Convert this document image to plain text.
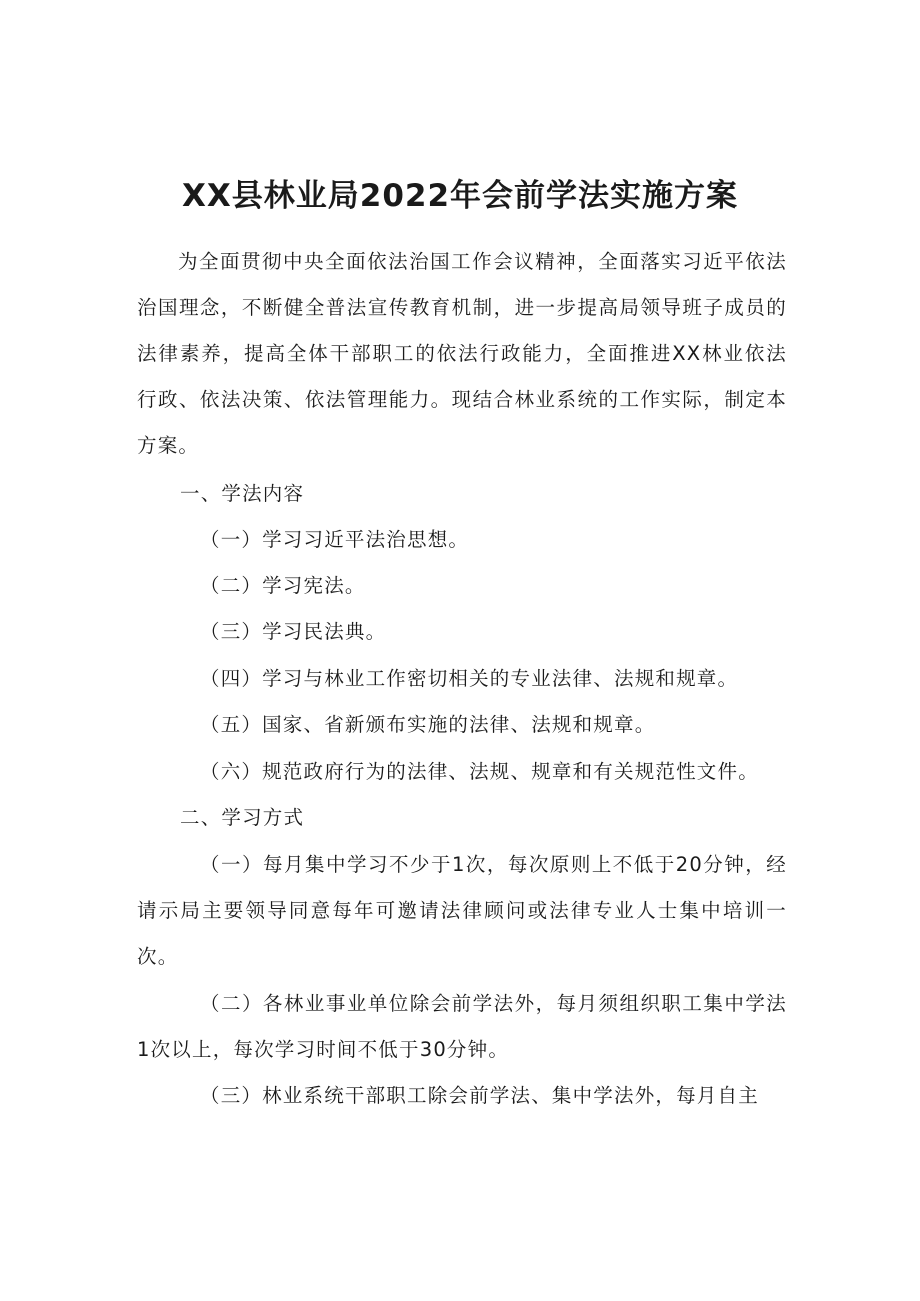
XX县林业局2022年会前学法实施方案

为全面贯彻中央全面依法治国工作会议精神，全面落实习近平依法治国理念，不断健全普法宣传教育机制，进一步提高局领导班子成员的法律素养，提高全体干部职工的依法行政能力，全面推进XX林业依法行政、依法决策、依法管理能力。现结合林业系统的工作实际，制定本方案。

一、学法内容

（一）学习习近平法治思想。

（二）学习宪法。

（三）学习民法典。

（四）学习与林业工作密切相关的专业法律、法规和规章。

（五）国家、省新颁布实施的法律、法规和规章。

（六）规范政府行为的法律、法规、规章和有关规范性文件。

二、学习方式

（一）每月集中学习不少于1次，每次原则上不低于20分钟，经请示局主要领导同意每年可邀请法律顾问或法律专业人士集中培训一次。

（二）各林业事业单位除会前学法外，每月须组织职工集中学法1次以上，每次学习时间不低于30分钟。

（三）林业系统干部职工除会前学法、集中学法外，每月自主
